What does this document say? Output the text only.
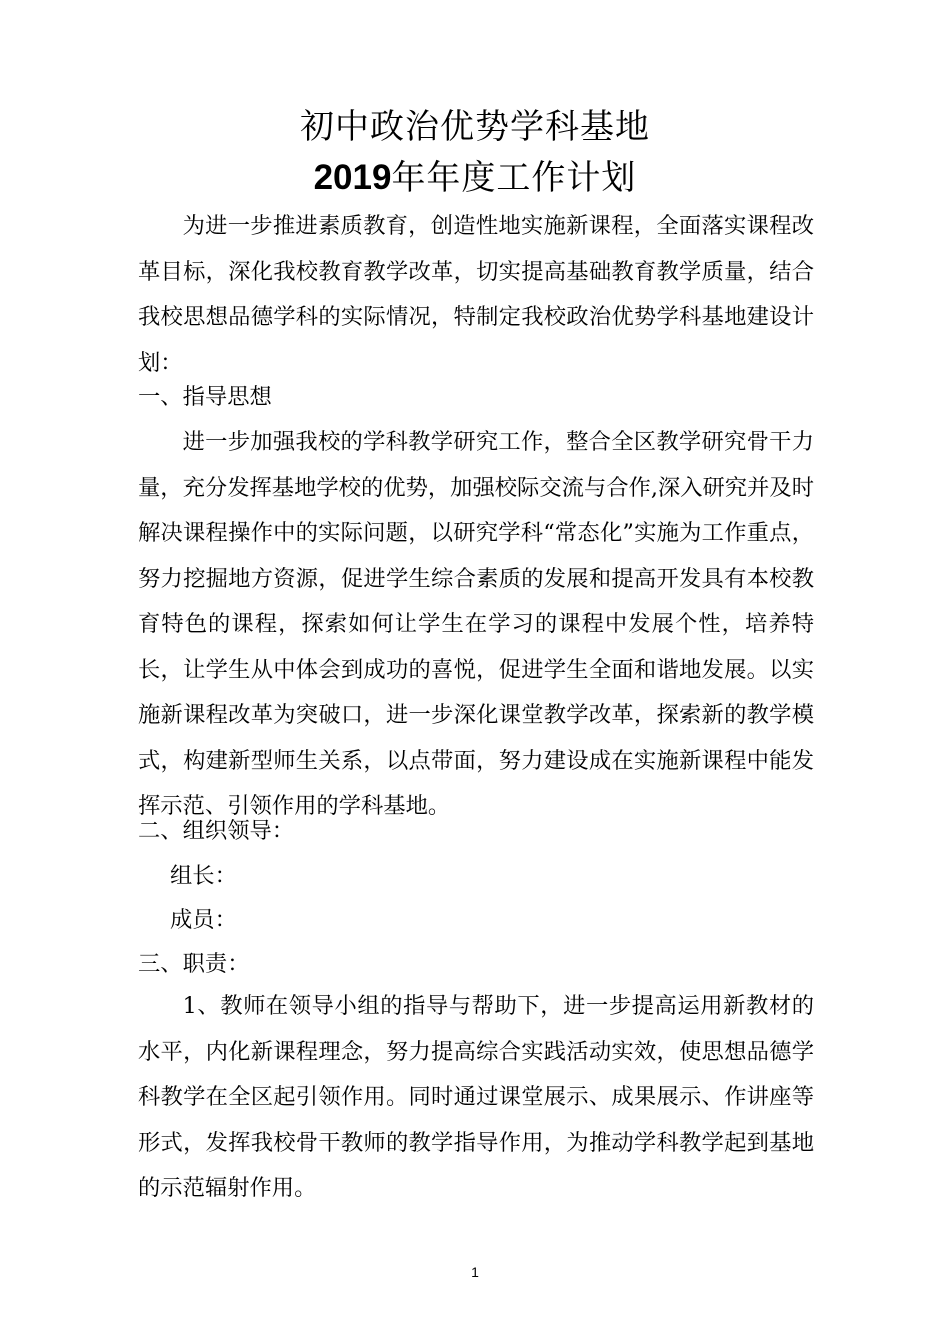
初中政治优势学科基地
2019年年度工作计划

为进一步推进素质教育，创造性地实施新课程，全面落实课程改革目标，深化我校教育教学改革，切实提高基础教育教学质量，结合我校思想品德学科的实际情况，特制定我校政治优势学科基地建设计划：

一、指导思想

进一步加强我校的学科教学研究工作，整合全区教学研究骨干力量，充分发挥基地学校的优势，加强校际交流与合作,深入研究并及时解决课程操作中的实际问题，以研究学科“常态化”实施为工作重点，努力挖掘地方资源，促进学生综合素质的发展和提高开发具有本校教育特色的课程，探索如何让学生在学习的课程中发展个性，培养特长，让学生从中体会到成功的喜悦，促进学生全面和谐地发展。以实施新课程改革为突破口，进一步深化课堂教学改革，探索新的教学模式，构建新型师生关系，以点带面，努力建设成在实施新课程中能发挥示范、引领作用的学科基地。

二、组织领导：
组长：
成员：
三、职责：

1、教师在领导小组的指导与帮助下，进一步提高运用新教材的水平，内化新课程理念，努力提高综合实践活动实效，使思想品德学科教学在全区起引领作用。同时通过课堂展示、成果展示、作讲座等形式，发挥我校骨干教师的教学指导作用，为推动学科教学起到基地的示范辐射作用。

1
